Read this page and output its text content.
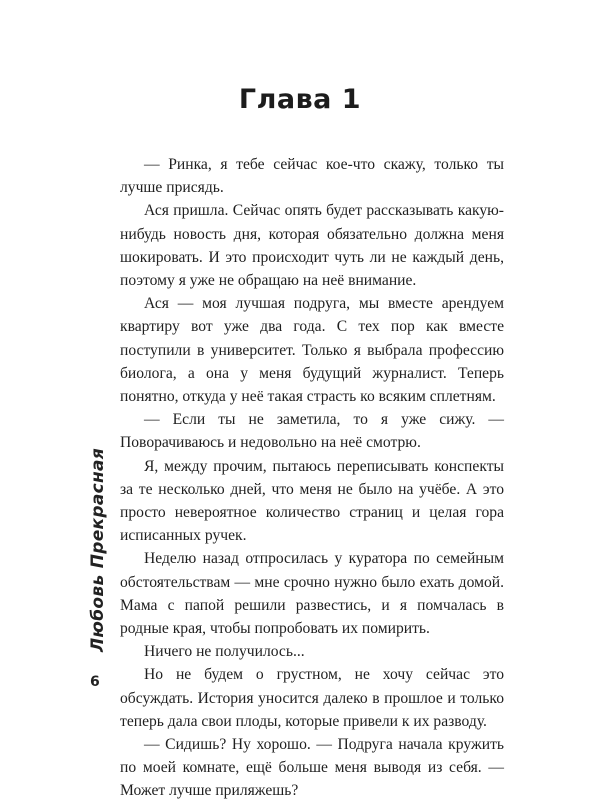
Глава 1

— Ринка, я тебе сейчас кое-что скажу, только ты лучше присядь.

Ася пришла. Сейчас опять будет рассказывать какую-нибудь новость дня, которая обязательно должна меня шокировать. И это происходит чуть ли не каждый день, поэтому я уже не обращаю на неё внимание.

Ася — моя лучшая подруга, мы вместе арендуем квартиру вот уже два года. С тех пор как вместе поступили в университет. Только я выбрала профессию биолога, а она у меня будущий журналист. Теперь понятно, откуда у неё такая страсть ко всяким сплетням.

— Если ты не заметила, то я уже сижу. — Поворачиваюсь и недовольно на неё смотрю.

Я, между прочим, пытаюсь переписывать конспекты за те несколько дней, что меня не было на учёбе. А это просто невероятное количество страниц и целая гора исписанных ручек.

Неделю назад отпросилась у куратора по семейным обстоятельствам — мне срочно нужно было ехать домой. Мама с папой решили развестись, и я помчалась в родные края, чтобы попробовать их помирить.

Ничего не получилось...

Но не будем о грустном, не хочу сейчас это обсуждать. История уносится далеко в прошлое и только теперь дала свои плоды, которые привели к их разводу.

— Сидишь? Ну хорошо. — Подруга начала кружить по моей комнате, ещё больше меня выводя из себя. — Может лучше приляжешь?

Любовь Прекрасная
6
